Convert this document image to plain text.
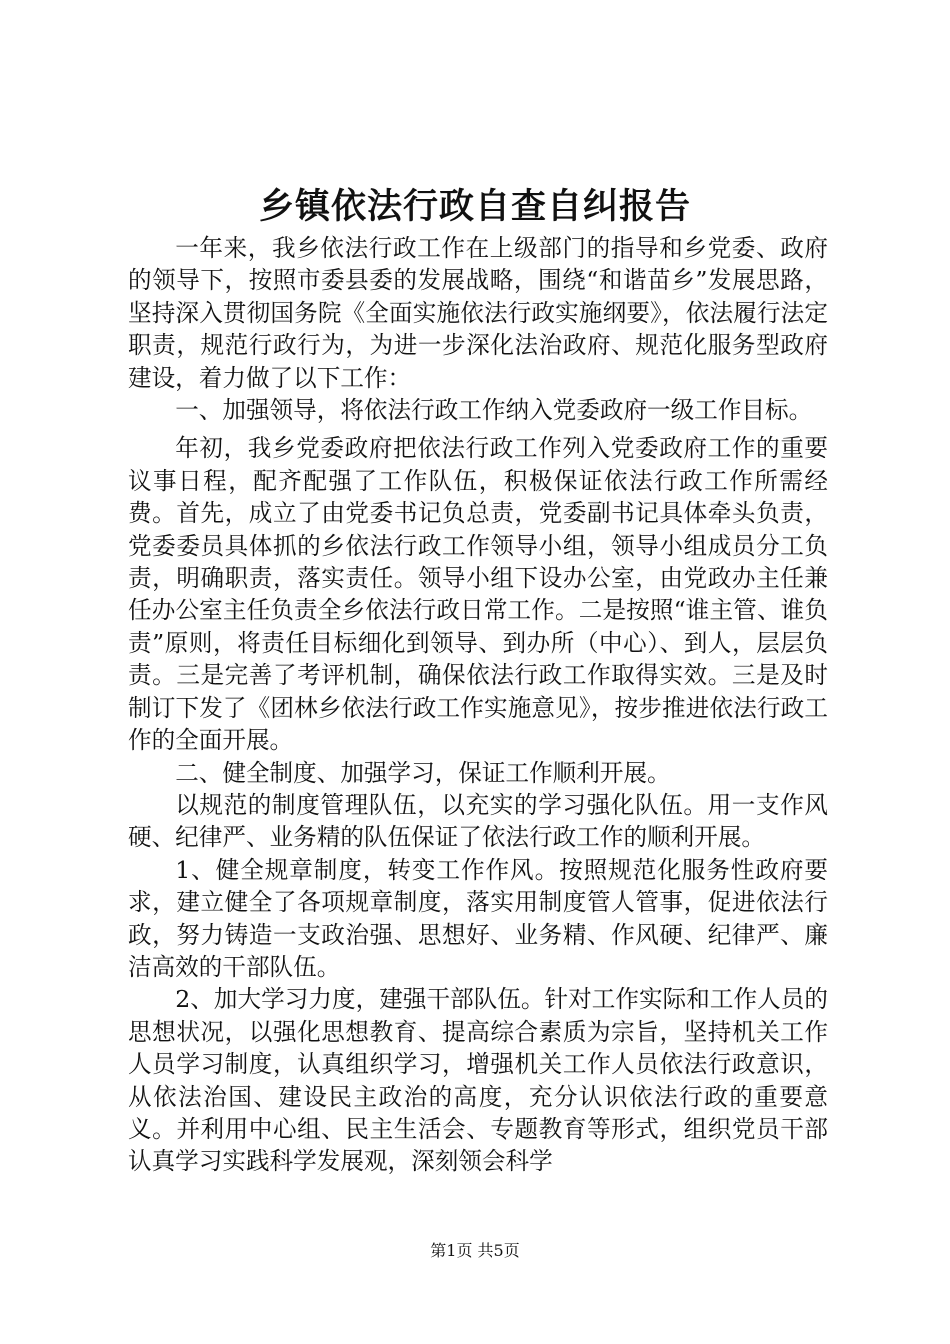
乡镇依法行政自查自纠报告

一年来，我乡依法行政工作在上级部门的指导和乡党委、政府的领导下，按照市委县委的发展战略，围绕“和谐苗乡”发展思路，坚持深入贯彻国务院《全面实施依法行政实施纲要》，依法履行法定职责，规范行政行为，为进一步深化法治政府、规范化服务型政府建设，着力做了以下工作：

一、加强领导，将依法行政工作纳入党委政府一级工作目标。

年初，我乡党委政府把依法行政工作列入党委政府工作的重要议事日程，配齐配强了工作队伍，积极保证依法行政工作所需经费。首先，成立了由党委书记负总责，党委副书记具体牵头负责，党委委员具体抓的乡依法行政工作领导小组，领导小组成员分工负责，明确职责，落实责任。领导小组下设办公室，由党政办主任兼任办公室主任负责全乡依法行政日常工作。二是按照“谁主管、谁负责”原则，将责任目标细化到领导、到办所（中心）、到人，层层负责。三是完善了考评机制，确保依法行政工作取得实效。三是及时制订下发了《团林乡依法行政工作实施意见》，按步推进依法行政工作的全面开展。

二、健全制度、加强学习，保证工作顺利开展。

以规范的制度管理队伍，以充实的学习强化队伍。用一支作风硬、纪律严、业务精的队伍保证了依法行政工作的顺利开展。

1、健全规章制度，转变工作作风。按照规范化服务性政府要求，建立健全了各项规章制度，落实用制度管人管事，促进依法行政，努力铸造一支政治强、思想好、业务精、作风硬、纪律严、廉洁高效的干部队伍。

2、加大学习力度，建强干部队伍。针对工作实际和工作人员的思想状况，以强化思想教育、提高综合素质为宗旨，坚持机关工作人员学习制度，认真组织学习，增强机关工作人员依法行政意识，从依法治国、建设民主政治的高度，充分认识依法行政的重要意义。并利用中心组、民主生活会、专题教育等形式，组织党员干部认真学习实践科学发展观，深刻领会科学

第1页 共5页
